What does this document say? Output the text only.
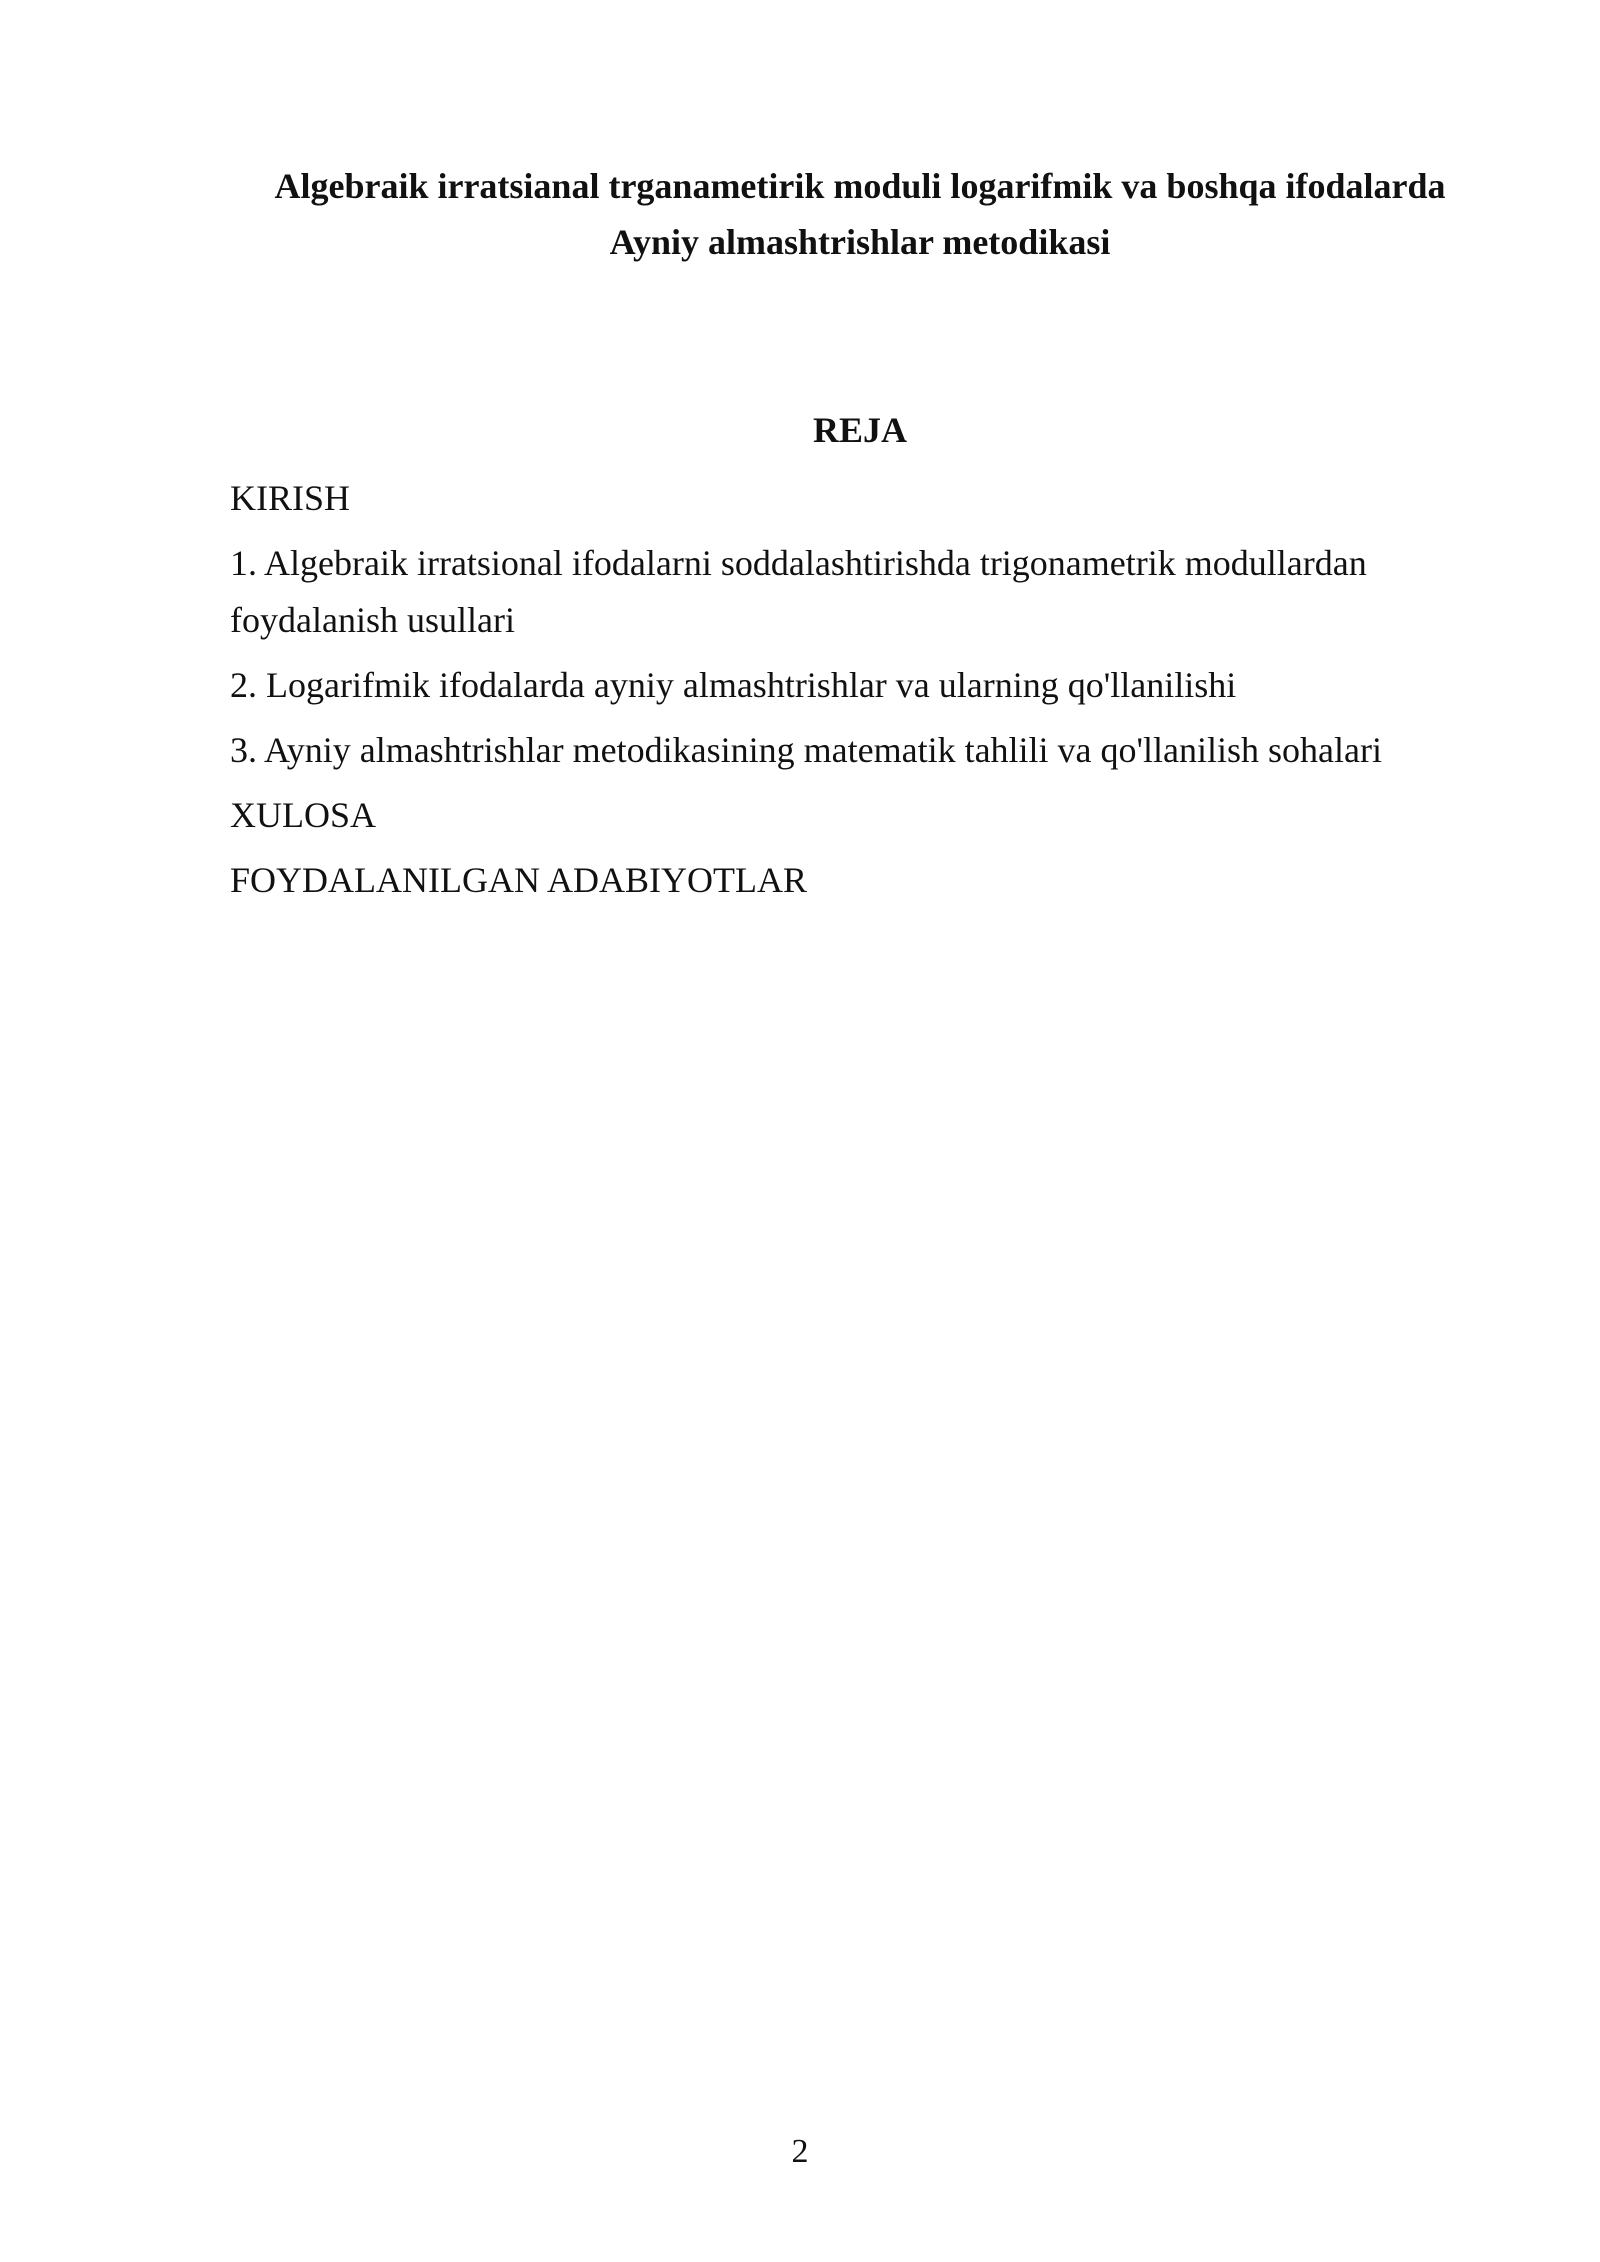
Algebraik irratsianal trganametirik moduli logarifmik va boshqa ifodalarda
Ayniy almashtrishlar metodikasi
REJA
KIRISH
1. Algebraik irratsional ifodalarni soddalashtirishda trigonametrik modullardan foydalanish usullari
2. Logarifmik ifodalarda ayniy almashtrishlar va ularning qo'llanilishi
3. Ayniy almashtrishlar metodikasining matematik tahlili va qo'llanilish sohalari
XULOSA
FOYDALANILGAN ADABIYOTLAR
2
